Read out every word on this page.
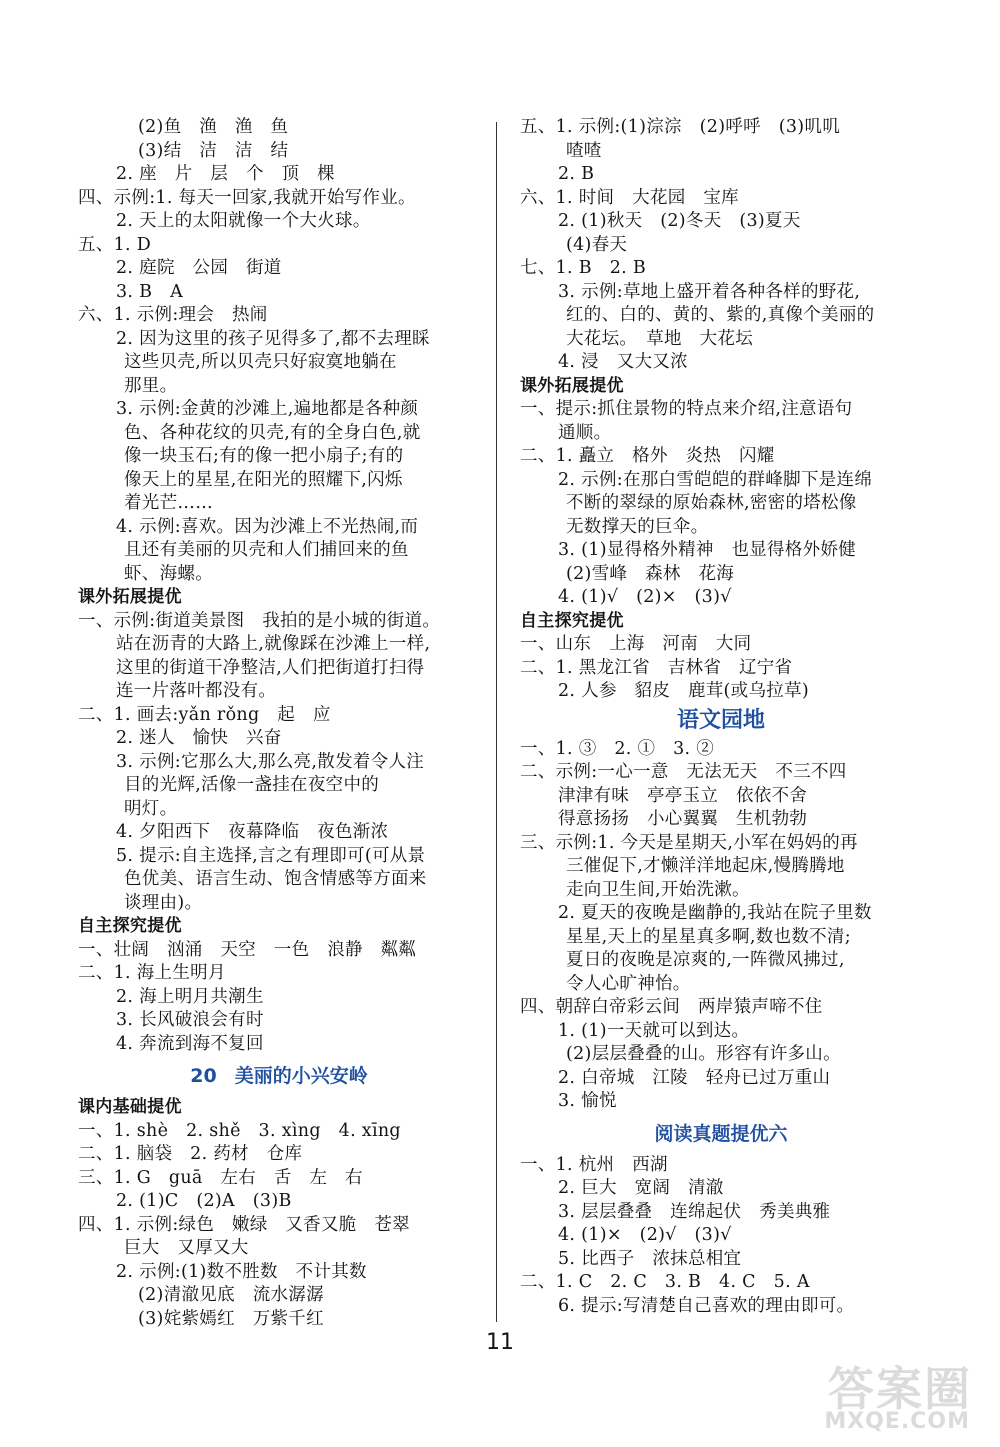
(2)鱼　渔　渔　鱼
(3)结　洁　洁　结
2. 座　片　层　个　顶　棵
四、示例:1. 每天一回家,我就开始写作业。
2. 天上的太阳就像一个大火球。
五、1. D
2. 庭院　公园　街道
3. B　A
六、1. 示例:理会　热闹
2. 因为这里的孩子见得多了,都不去理睬
这些贝壳,所以贝壳只好寂寞地躺在
那里。
3. 示例:金黄的沙滩上,遍地都是各种颜
色、各种花纹的贝壳,有的全身白色,就
像一块玉石;有的像一把小扇子;有的
像天上的星星,在阳光的照耀下,闪烁
着光芒……
4. 示例:喜欢。因为沙滩上不光热闹,而
且还有美丽的贝壳和人们捕回来的鱼
虾、海螺。
课外拓展提优
一、示例:街道美景图　我拍的是小城的街道。
站在沥青的大路上,就像踩在沙滩上一样,
这里的街道干净整洁,人们把街道打扫得
连一片落叶都没有。
二、1. 画去:yǎn rǒng　起　应
2. 迷人　愉快　兴奋
3. 示例:它那么大,那么亮,散发着令人注
目的光辉,活像一盏挂在夜空中的
明灯。
4. 夕阳西下　夜幕降临　夜色渐浓
5. 提示:自主选择,言之有理即可(可从景
色优美、语言生动、饱含情感等方面来
谈理由)。
自主探究提优
一、壮阔　汹涌　天空　一色　浪静　粼粼
二、1. 海上生明月
2. 海上明月共潮生
3. 长风破浪会有时
4. 奔流到海不复回
20 美丽的小兴安岭
课内基础提优
一、1. shè　2. shě　3. xìng　4. xīng
二、1. 脑袋　2. 药材　仓库
三、1. G　guā　左右　舌　左　右
2. (1)C　(2)A　(3)B
四、1. 示例:绿色　嫩绿　又香又脆　苍翠
巨大　又厚又大
2. 示例:(1)数不胜数　不计其数
(2)清澈见底　流水潺潺
(3)姹紫嫣红　万紫千红
五、1. 示例:(1)淙淙　(2)呼呼　(3)叽叽
喳喳
2. B
六、1. 时间　大花园　宝库
2. (1)秋天　(2)冬天　(3)夏天
(4)春天
七、1. B　2. B
3. 示例:草地上盛开着各种各样的野花,
红的、白的、黄的、紫的,真像个美丽的
大花坛。　草地　大花坛
4. 浸　又大又浓
课外拓展提优
一、提示:抓住景物的特点来介绍,注意语句
通顺。
二、1. 矗立　格外　炎热　闪耀
2. 示例:在那白雪皑皑的群峰脚下是连绵
不断的翠绿的原始森林,密密的塔松像
无数撑天的巨伞。
3. (1)显得格外精神　也显得格外娇健
(2)雪峰　森林　花海
4. (1)√　(2)×　(3)√
自主探究提优
一、山东　上海　河南　大同
二、1. 黑龙江省　吉林省　辽宁省
2. 人参　貂皮　鹿茸(或乌拉草)
语文园地
一、1. ③　2. ①　3. ②
二、示例:一心一意　无法无天　不三不四
津津有味　亭亭玉立　依依不舍
得意扬扬　小心翼翼　生机勃勃
三、示例:1. 今天是星期天,小军在妈妈的再
三催促下,才懒洋洋地起床,慢腾腾地
走向卫生间,开始洗漱。
2. 夏天的夜晚是幽静的,我站在院子里数
星星,天上的星星真多啊,数也数不清;
夏日的夜晚是凉爽的,一阵微风拂过,
令人心旷神怡。
四、朝辞白帝彩云间　两岸猿声啼不住
1. (1)一天就可以到达。
(2)层层叠叠的山。形容有许多山。
2. 白帝城　江陵　轻舟已过万重山
3. 愉悦
阅读真题提优六
一、1. 杭州　西湖
2. 巨大　宽阔　清澈
3. 层层叠叠　连绵起伏　秀美典雅
4. (1)×　(2)√　(3)√
5. 比西子　浓抹总相宜
二、1. C　2. C　3. B　4. C　5. A
6. 提示:写清楚自己喜欢的理由即可。
11
答案圈
MXQE.COM
